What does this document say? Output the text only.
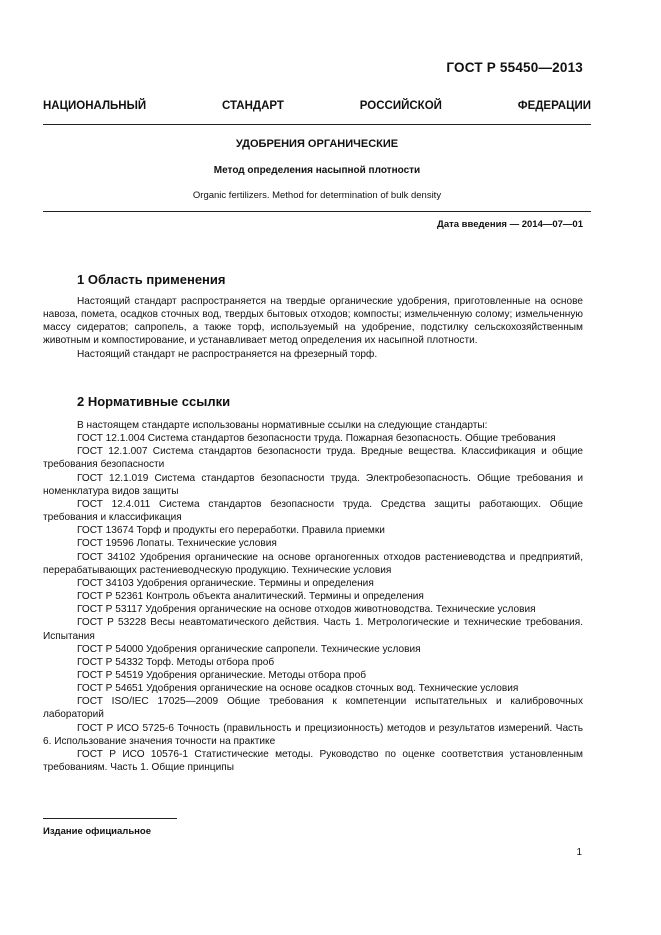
ГОСТ Р 55450—2013
НАЦИОНАЛЬНЫЙ СТАНДАРТ РОССИЙСКОЙ ФЕДЕРАЦИИ
УДОБРЕНИЯ ОРГАНИЧЕСКИЕ
Метод определения насыпной плотности
Organic fertilizers. Method for determination of bulk density
Дата введения — 2014—07—01
1 Область применения

Настоящий стандарт распространяется на твердые органические удобрения, приготовленные на основе навоза, помета, осадков сточных вод, твердых бытовых отходов; компосты; измельченную солому; измельченную массу сидератов; сапропель, а также торф, используемый на удобрение, подстилку сельскохозяйственным животным и компостирование, и устанавливает метод определения их насыпной плотности.

Настоящий стандарт не распространяется на фрезерный торф.

2 Нормативные ссылки

В настоящем стандарте использованы нормативные ссылки на следующие стандарты:

ГОСТ 12.1.004 Система стандартов безопасности труда. Пожарная безопасность. Общие требования

ГОСТ 12.1.007 Система стандартов безопасности труда. Вредные вещества. Классификация и общие требования безопасности

ГОСТ 12.1.019 Система стандартов безопасности труда. Электробезопасность. Общие требования и номенклатура видов защиты

ГОСТ 12.4.011 Система стандартов безопасности труда. Средства защиты работающих. Общие требования и классификация

ГОСТ 13674 Торф и продукты его переработки. Правила приемки

ГОСТ 19596 Лопаты. Технические условия

ГОСТ 34102 Удобрения органические на основе органогенных отходов растениеводства и предприятий, перерабатывающих растениеводческую продукцию. Технические условия

ГОСТ 34103 Удобрения органические. Термины и определения

ГОСТ Р 52361 Контроль объекта аналитический. Термины и определения

ГОСТ Р 53117 Удобрения органические на основе отходов животноводства. Технические условия

ГОСТ Р 53228 Весы неавтоматического действия. Часть 1. Метрологические и технические требования. Испытания

ГОСТ Р 54000 Удобрения органические сапропели. Технические условия

ГОСТ Р 54332 Торф. Методы отбора проб

ГОСТ Р 54519 Удобрения органические. Методы отбора проб

ГОСТ Р 54651 Удобрения органические на основе осадков сточных вод. Технические условия

ГОСТ ISO/IEC 17025—2009 Общие требования к компетенции испытательных и калибровочных лабораторий

ГОСТ Р ИСО 5725-6 Точность (правильность и прецизионность) методов и результатов измерений. Часть 6. Использование значения точности на практике

ГОСТ Р ИСО 10576-1 Статистические методы. Руководство по оценке соответствия установленным требованиям. Часть 1. Общие принципы

Издание официальное
1
